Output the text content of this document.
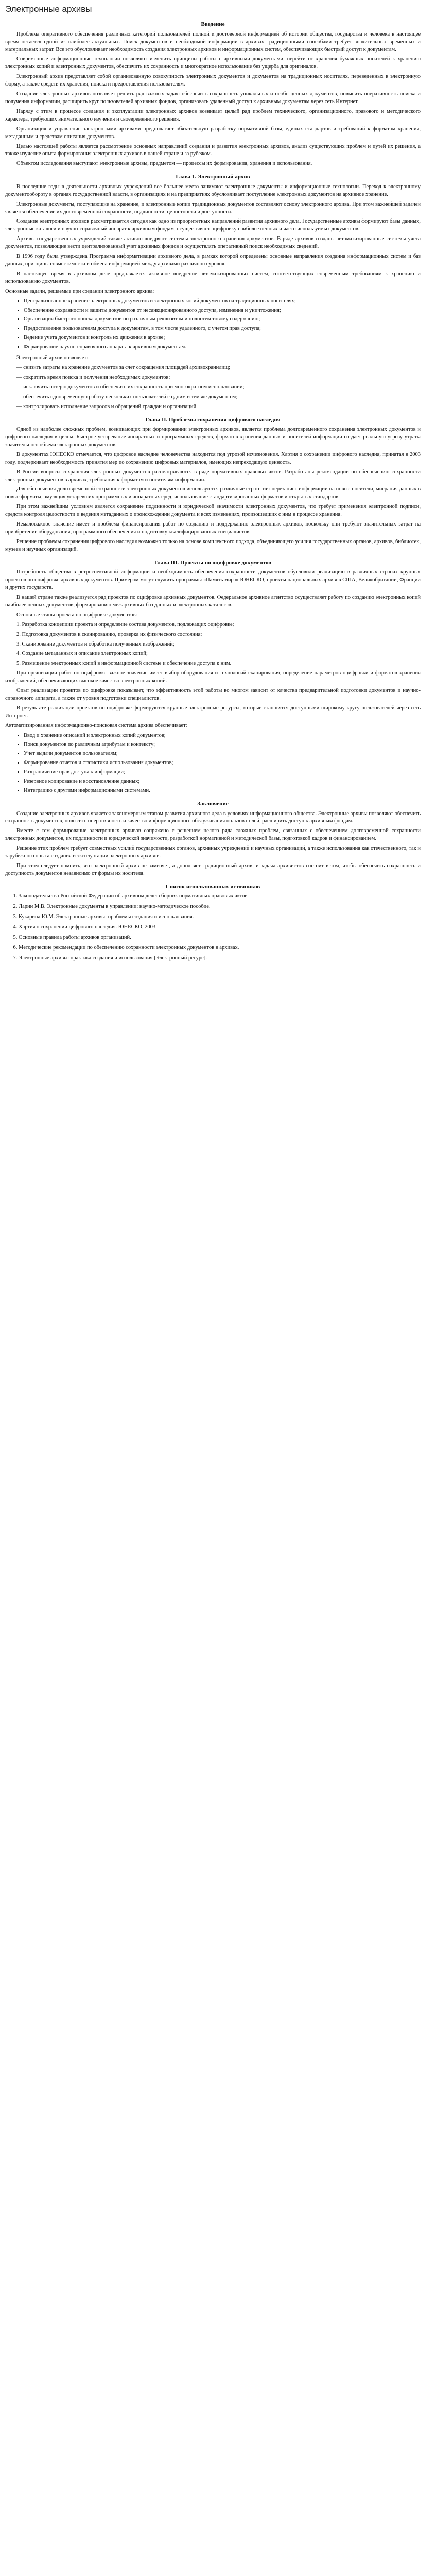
Электронные архивы
Введение

Проблема оперативного обеспечения различных категорий пользователей полной и достоверной информацией об истории общества, государства и человека в настоящее время остается одной из наиболее актуальных. Поиск документов и необходимой информации в архивах традиционными способами требует значительных временных и материальных затрат. Все это обусловливает необходимость создания электронных архивов и информационных систем, обеспечивающих быстрый доступ к документам.

Современные информационные технологии позволяют изменить принципы работы с архивными документами, перейти от хранения бумажных носителей к хранению электронных копий и электронных документов, обеспечить их сохранность и многократное использование без ущерба для оригиналов.

Электронный архив представляет собой организованную совокупность электронных документов и документов на традиционных носителях, переведенных в электронную форму, а также средств их хранения, поиска и предоставления пользователям.

Создание электронных архивов позволяет решить ряд важных задач: обеспечить сохранность уникальных и особо ценных документов, повысить оперативность поиска и получения информации, расширить круг пользователей архивных фондов, организовать удаленный доступ к архивным документам через сеть Интернет.

Наряду с этим в процессе создания и эксплуатации электронных архивов возникает целый ряд проблем технического, организационного, правового и методического характера, требующих внимательного изучения и своевременного решения.

Организация и управление электронными архивами предполагает обязательную разработку нормативной базы, единых стандартов и требований к форматам хранения, метаданным и средствам описания документов.

Целью настоящей работы является рассмотрение основных направлений создания и развития электронных архивов, анализ существующих проблем и путей их решения, а также изучение опыта формирования электронных архивов в нашей стране и за рубежом.

Объектом исследования выступают электронные архивы, предметом — процессы их формирования, хранения и использования.

Глава 1. Электронный архив

В последние годы в деятельности архивных учреждений все большее место занимают электронные документы и информационные технологии. Переход к электронному документообороту в органах государственной власти, в организациях и на предприятиях обусловливает поступление электронных документов на архивное хранение.

Электронные документы, поступающие на хранение, и электронные копии традиционных документов составляют основу электронного архива. При этом важнейшей задачей является обеспечение их долговременной сохранности, подлинности, целостности и доступности.

Создание электронных архивов рассматривается сегодня как одно из приоритетных направлений развития архивного дела. Государственные архивы формируют базы данных, электронные каталоги и научно-справочный аппарат к архивным фондам, осуществляют оцифровку наиболее ценных и часто используемых документов.

Архивы государственных учреждений также активно внедряют системы электронного хранения документов. В ряде архивов созданы автоматизированные системы учета документов, позволяющие вести централизованный учет архивных фондов и осуществлять оперативный поиск необходимых сведений.

В 1996 году была утверждена Программа информатизации архивного дела, в рамках которой определены основные направления создания информационных систем и баз данных, принципы совместимости и обмена информацией между архивами различного уровня.

В настоящее время в архивном деле продолжается активное внедрение автоматизированных систем, соответствующих современным требованиям к хранению и использованию документов.

Основные задачи, решаемые при создании электронного архива:

• Централизованное хранение электронных документов и электронных копий документов на традиционных носителях;
• Обеспечение сохранности и защиты документов от несанкционированного доступа, изменения и уничтожения;
• Организация быстрого поиска документов по различным реквизитам и полнотекстовому содержанию;
• Предоставление пользователям доступа к документам, в том числе удаленного, с учетом прав доступа;
• Ведение учета документов и контроль их движения в архиве;
• Формирование научно-справочного аппарата к архивным документам.

Электронный архив позволяет:

— снизить затраты на хранение документов за счет сокращения площадей архивохранилищ;

— сократить время поиска и получения необходимых документов;

— исключить потерю документов и обеспечить их сохранность при многократном использовании;

— обеспечить одновременную работу нескольких пользователей с одним и тем же документом;

— контролировать исполнение запросов и обращений граждан и организаций.

Глава II. Проблемы сохранения цифрового наследия

Одной из наиболее сложных проблем, возникающих при формировании электронных архивов, является проблема долговременного сохранения электронных документов и цифрового наследия в целом. Быстрое устаревание аппаратных и программных средств, форматов хранения данных и носителей информации создает реальную угрозу утраты значительного объема электронных документов.

В документах ЮНЕСКО отмечается, что цифровое наследие человечества находится под угрозой исчезновения. Хартия о сохранении цифрового наследия, принятая в 2003 году, подчеркивает необходимость принятия мер по сохранению цифровых материалов, имеющих непреходящую ценность.

В России вопросы сохранения электронных документов рассматриваются в ряде нормативных правовых актов. Разработаны рекомендации по обеспечению сохранности электронных документов в архивах, требования к форматам и носителям информации.

Для обеспечения долговременной сохранности электронных документов используются различные стратегии: перезапись информации на новые носители, миграция данных в новые форматы, эмуляция устаревших программных и аппаратных сред, использование стандартизированных форматов и открытых стандартов.

При этом важнейшим условием является сохранение подлинности и юридической значимости электронных документов, что требует применения электронной подписи, средств контроля целостности и ведения метаданных о происхождении документа и всех изменениях, произошедших с ним в процессе хранения.

Немаловажное значение имеет и проблема финансирования работ по созданию и поддержанию электронных архивов, поскольку они требуют значительных затрат на приобретение оборудования, программного обеспечения и подготовку квалифицированных специалистов.

Решение проблемы сохранения цифрового наследия возможно только на основе комплексного подхода, объединяющего усилия государственных органов, архивов, библиотек, музеев и научных организаций.

Глава III. Проекты по оцифровке документов

Потребность общества в ретроспективной информации и необходимость обеспечения сохранности документов обусловили реализацию в различных странах крупных проектов по оцифровке архивных документов. Примером могут служить программы «Память мира» ЮНЕСКО, проекты национальных архивов США, Великобритании, Франции и других государств.

В нашей стране также реализуется ряд проектов по оцифровке архивных документов. Федеральное архивное агентство осуществляет работу по созданию электронных копий наиболее ценных документов, формированию межархивных баз данных и электронных каталогов.

Основные этапы проекта по оцифровке документов:

1. Разработка концепции проекта и определение состава документов, подлежащих оцифровке;

2. Подготовка документов к сканированию, проверка их физического состояния;

3. Сканирование документов и обработка полученных изображений;

4. Создание метаданных и описание электронных копий;

5. Размещение электронных копий в информационной системе и обеспечение доступа к ним.

При организации работ по оцифровке важное значение имеет выбор оборудования и технологий сканирования, определение параметров оцифровки и форматов хранения изображений, обеспечивающих высокое качество электронных копий.

Опыт реализации проектов по оцифровке показывает, что эффективность этой работы во многом зависит от качества предварительной подготовки документов и научно-справочного аппарата, а также от уровня подготовки специалистов.

В результате реализации проектов по оцифровке формируются крупные электронные ресурсы, которые становятся доступными широкому кругу пользователей через сеть Интернет.

Автоматизированная информационно-поисковая система архива обеспечивает:

• Ввод и хранение описаний и электронных копий документов;
• Поиск документов по различным атрибутам и контексту;
• Учет выдачи документов пользователям;
• Формирование отчетов и статистики использования документов;
• Разграничение прав доступа к информации;
• Резервное копирование и восстановление данных;
• Интеграцию с другими информационными системами.
Заключение

Создание электронных архивов является закономерным этапом развития архивного дела в условиях информационного общества. Электронные архивы позволяют обеспечить сохранность документов, повысить оперативность и качество информационного обслуживания пользователей, расширить доступ к архивным фондам.

Вместе с тем формирование электронных архивов сопряжено с решением целого ряда сложных проблем, связанных с обеспечением долговременной сохранности электронных документов, их подлинности и юридической значимости, разработкой нормативной и методической базы, подготовкой кадров и финансированием.

Решение этих проблем требует совместных усилий государственных органов, архивных учреждений и научных организаций, а также использования как отечественного, так и зарубежного опыта создания и эксплуатации электронных архивов.

При этом следует помнить, что электронный архив не заменяет, а дополняет традиционный архив, и задача архивистов состоит в том, чтобы обеспечить сохранность и доступность документов независимо от формы их носителя.

Список использованных источников
1. Законодательство Российской Федерации об архивном деле: сборник нормативных правовых актов.
2. Ларин М.В. Электронные документы в управлении: научно-методическое пособие.
3. Кукарина Ю.М. Электронные архивы: проблемы создания и использования.
4. Хартия о сохранении цифрового наследия. ЮНЕСКО, 2003.
5. Основные правила работы архивов организаций.
6. Методические рекомендации по обеспечению сохранности электронных документов в архивах.
7. Электронные архивы: практика создания и использования [Электронный ресурс].
